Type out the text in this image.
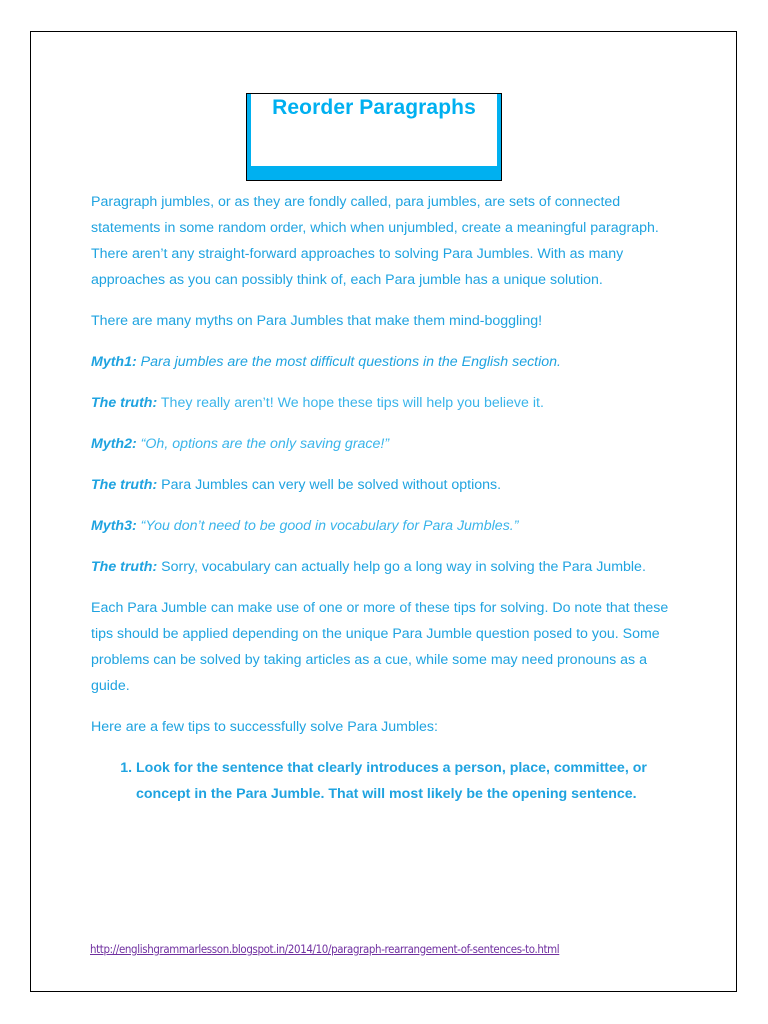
Reorder Paragraphs

Paragraph jumbles, or as they are fondly called, para jumbles, are sets of connected statements in some random order, which when unjumbled, create a meaningful paragraph. There aren’t any straight-forward approaches to solving Para Jumbles. With as many approaches as you can possibly think of, each Para jumble has a unique solution.

There are many myths on Para Jumbles that make them mind-boggling!

Myth1: Para jumbles are the most difficult questions in the English section.

The truth: They really aren’t! We hope these tips will help you believe it.

Myth2: “Oh, options are the only saving grace!”

The truth: Para Jumbles can very well be solved without options.

Myth3: “You don’t need to be good in vocabulary for Para Jumbles.”

The truth: Sorry, vocabulary can actually help go a long way in solving the Para Jumble.

Each Para Jumble can make use of one or more of these tips for solving. Do note that these tips should be applied depending on the unique Para Jumble question posed to you. Some problems can be solved by taking articles as a cue, while some may need pronouns as a guide.

Here are a few tips to successfully solve Para Jumbles:

1. Look for the sentence that clearly introduces a person, place, committee, or concept in the Para Jumble. That will most likely be the opening sentence.
http://englishgrammarlesson.blogspot.in/2014/10/paragraph-rearrangement-of-sentences-to.html
